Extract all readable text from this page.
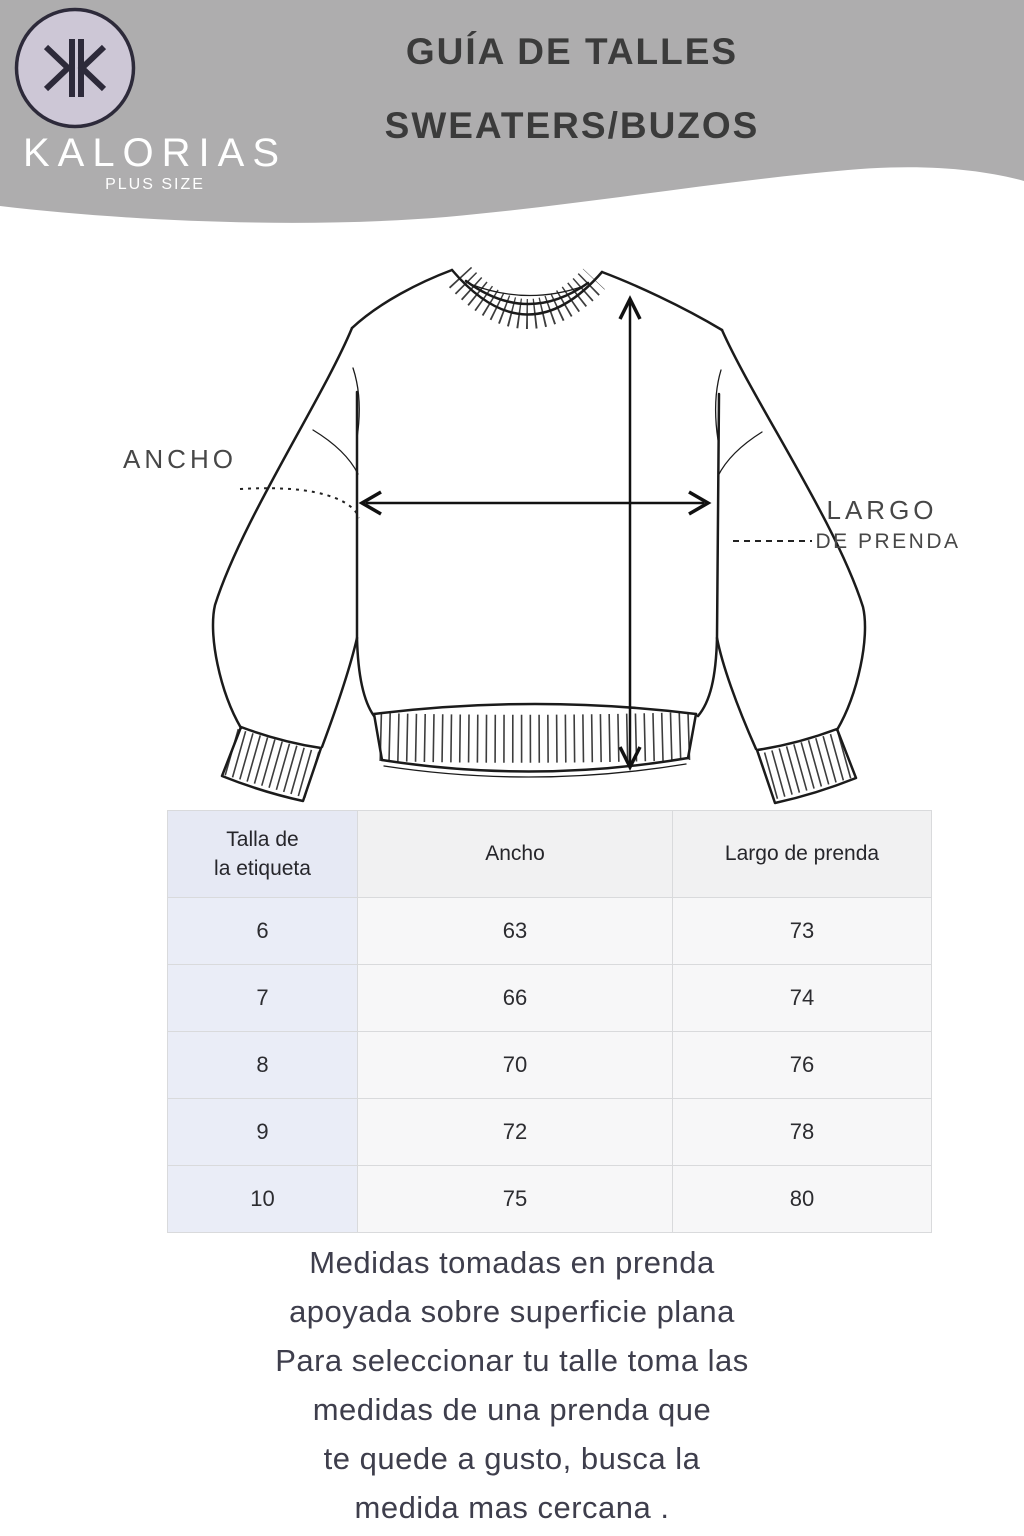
KALORIAS
PLUS SIZE
GUÍA DE TALLES
SWEATERS/BUZOS
ANCHO
LARGO
DE PRENDA
Talla de
la etiqueta	Ancho	Largo de prenda
6	63	73
7	66	74
8	70	76
9	72	78
10	75	80
Medidas tomadas en prenda
apoyada sobre superficie plana
Para seleccionar tu talle toma las
medidas de una prenda que
te quede a gusto, busca la
medida mas cercana .
